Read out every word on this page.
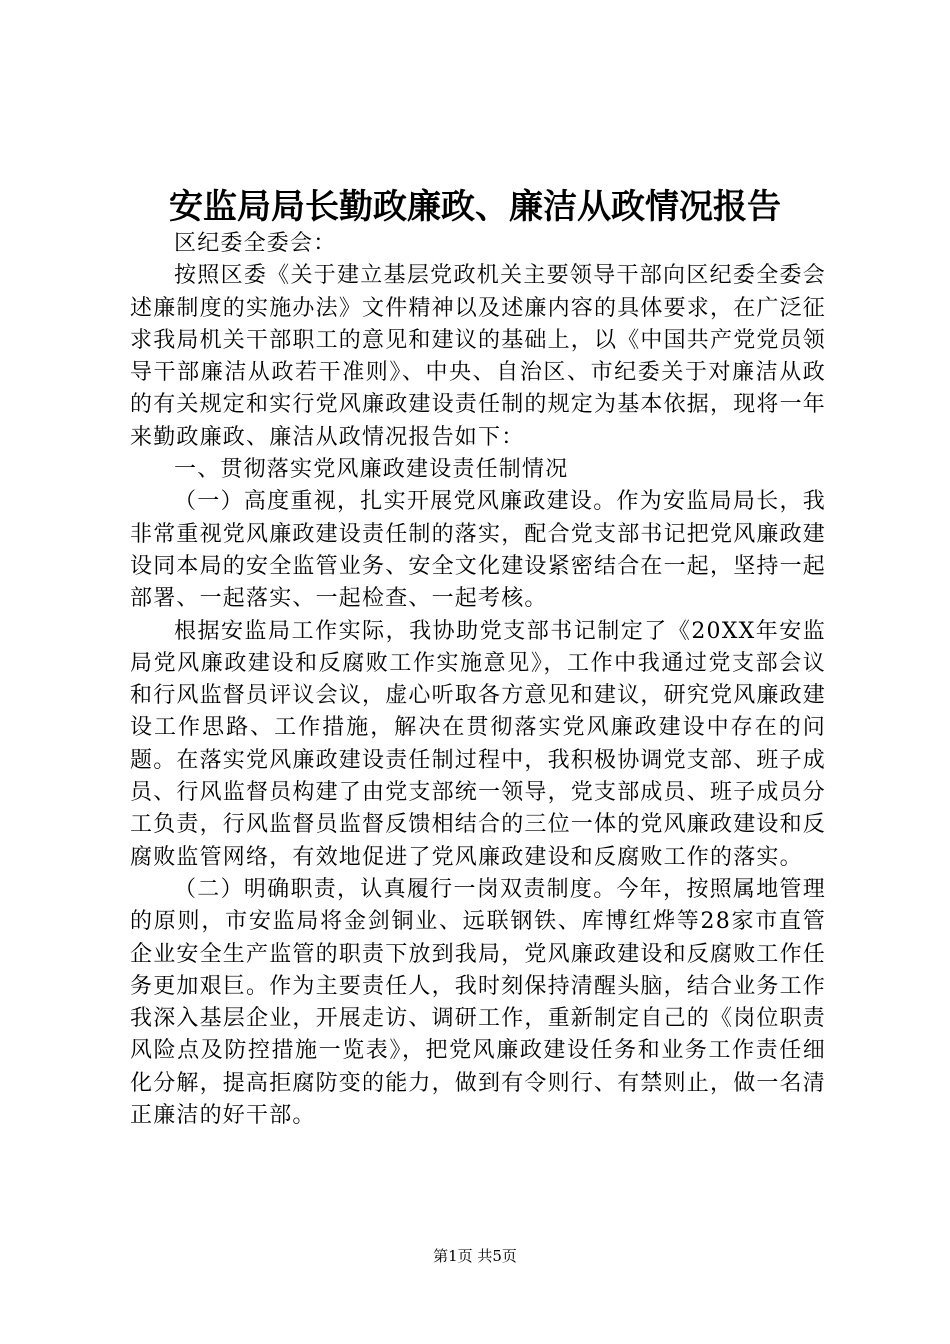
安监局局长勤政廉政、廉洁从政情况报告

区纪委全委会：

按照区委《关于建立基层党政机关主要领导干部向区纪委全委会述廉制度的实施办法》文件精神以及述廉内容的具体要求，在广泛征求我局机关干部职工的意见和建议的基础上，以《中国共产党党员领导干部廉洁从政若干准则》、中央、自治区、市纪委关于对廉洁从政的有关规定和实行党风廉政建设责任制的规定为基本依据，现将一年来勤政廉政、廉洁从政情况报告如下：

一、贯彻落实党风廉政建设责任制情况

（一）高度重视，扎实开展党风廉政建设。作为安监局局长，我非常重视党风廉政建设责任制的落实，配合党支部书记把党风廉政建设同本局的安全监管业务、安全文化建设紧密结合在一起，坚持一起部署、一起落实、一起检查、一起考核。

根据安监局工作实际，我协助党支部书记制定了《20XX年安监局党风廉政建设和反腐败工作实施意见》，工作中我通过党支部会议和行风监督员评议会议，虚心听取各方意见和建议，研究党风廉政建设工作思路、工作措施，解决在贯彻落实党风廉政建设中存在的问题。在落实党风廉政建设责任制过程中，我积极协调党支部、班子成员、行风监督员构建了由党支部统一领导，党支部成员、班子成员分工负责，行风监督员监督反馈相结合的三位一体的党风廉政建设和反腐败监管网络，有效地促进了党风廉政建设和反腐败工作的落实。

（二）明确职责，认真履行一岗双责制度。今年，按照属地管理的原则，市安监局将金剑铜业、远联钢铁、库博红烨等28家市直管企业安全生产监管的职责下放到我局，党风廉政建设和反腐败工作任务更加艰巨。作为主要责任人，我时刻保持清醒头脑，结合业务工作我深入基层企业，开展走访、调研工作，重新制定自己的《岗位职责风险点及防控措施一览表》，把党风廉政建设任务和业务工作责任细化分解，提高拒腐防变的能力，做到有令则行、有禁则止，做一名清正廉洁的好干部。

第1页 共5页
